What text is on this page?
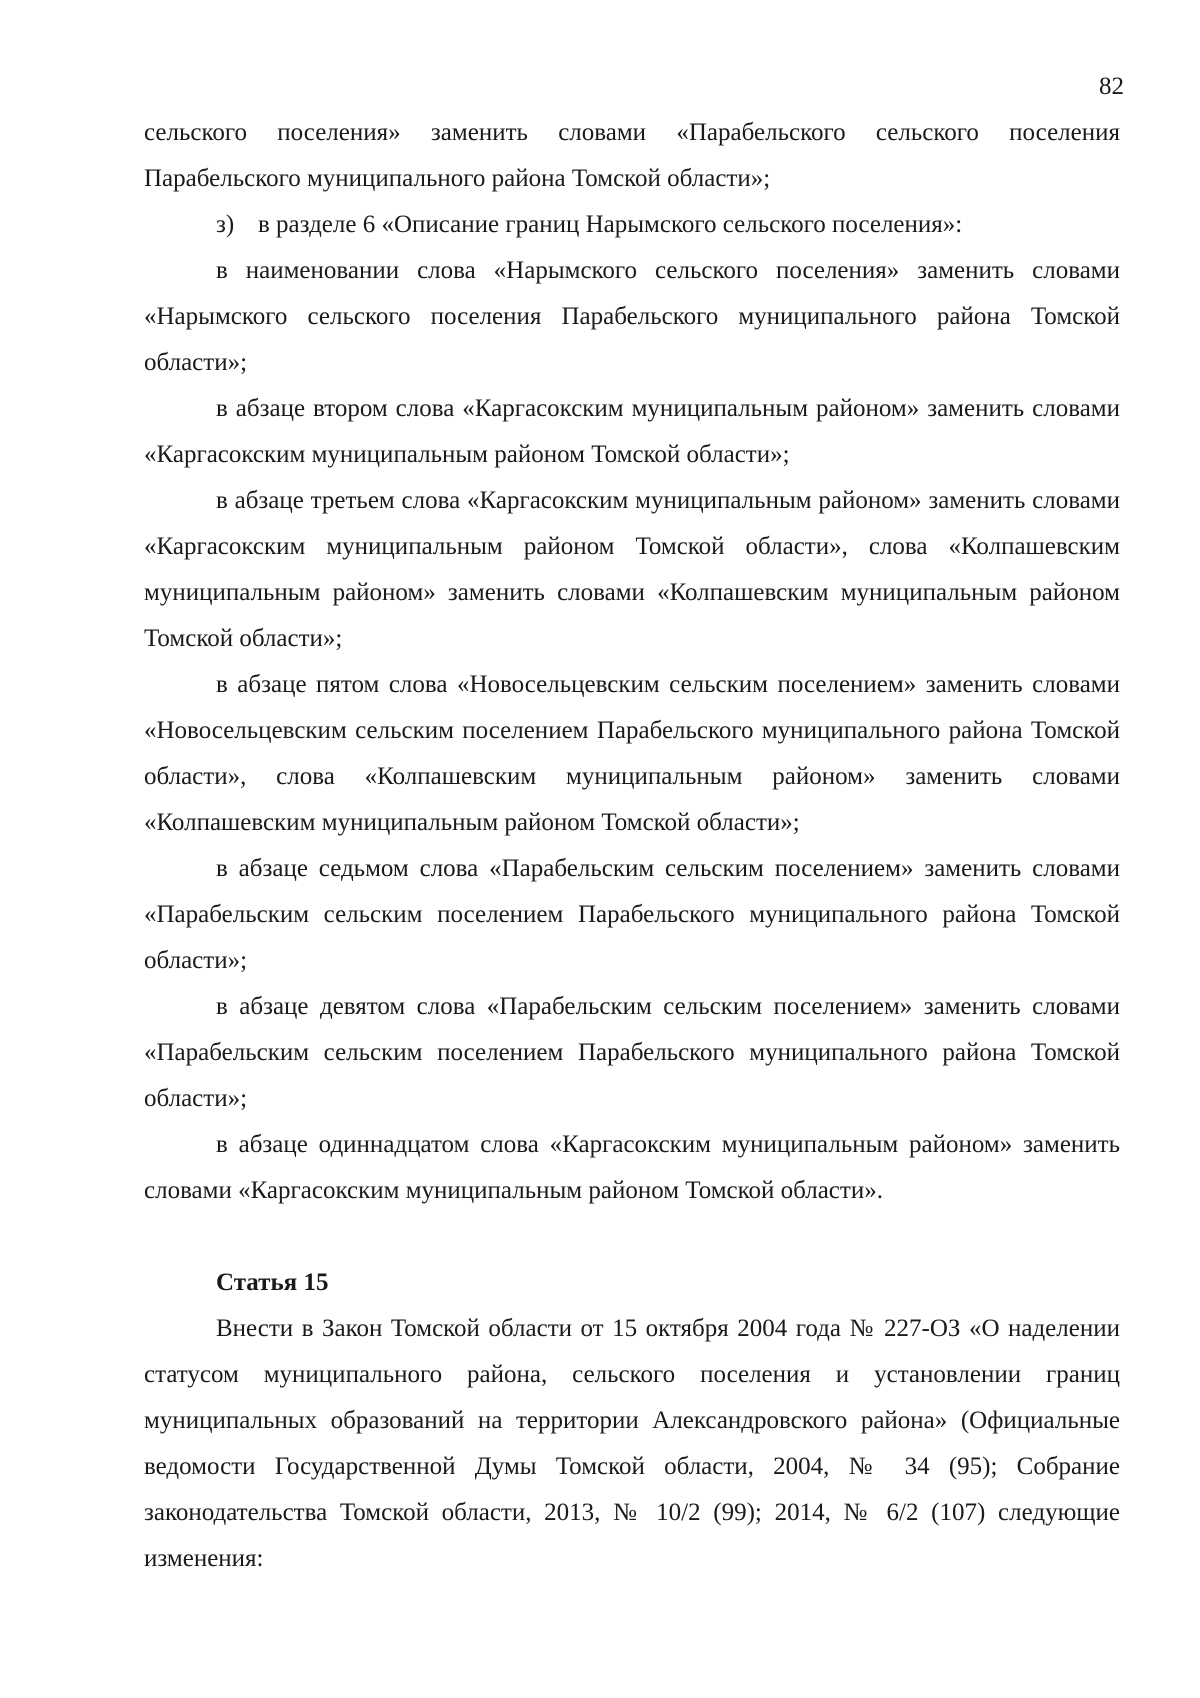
82

сельского поселения» заменить словами «Парабельского сельского поселения Парабельского муниципального района Томской области»;

з) в разделе 6 «Описание границ Нарымского сельского поселения»:

в наименовании слова «Нарымского сельского поселения» заменить словами «Нарымского сельского поселения Парабельского муниципального района Томской области»;

в абзаце втором слова «Каргасокским муниципальным районом» заменить словами «Каргасокским муниципальным районом Томской области»;

в абзаце третьем слова «Каргасокским муниципальным районом» заменить словами «Каргасокским муниципальным районом Томской области», слова «Колпашевским муниципальным районом» заменить словами «Колпашевским муниципальным районом Томской области»;

в абзаце пятом слова «Новосельцевским сельским поселением» заменить словами «Новосельцевским сельским поселением Парабельского муниципального района Томской области», слова «Колпашевским муниципальным районом» заменить словами «Колпашевским муниципальным районом Томской области»;

в абзаце седьмом слова «Парабельским сельским поселением» заменить словами «Парабельским сельским поселением Парабельского муниципального района Томской области»;

в абзаце девятом слова «Парабельским сельским поселением» заменить словами «Парабельским сельским поселением Парабельского муниципального района Томской области»;

в абзаце одиннадцатом слова «Каргасокским муниципальным районом» заменить словами «Каргасокским муниципальным районом Томской области».

Статья 15

Внести в Закон Томской области от 15 октября 2004 года № 227-ОЗ «О наделении статусом муниципального района, сельского поселения и установлении границ муниципальных образований на территории Александровского района» (Официальные ведомости Государственной Думы Томской области, 2004, № 34 (95); Собрание законодательства Томской области, 2013, № 10/2 (99); 2014, № 6/2 (107) следующие изменения:
